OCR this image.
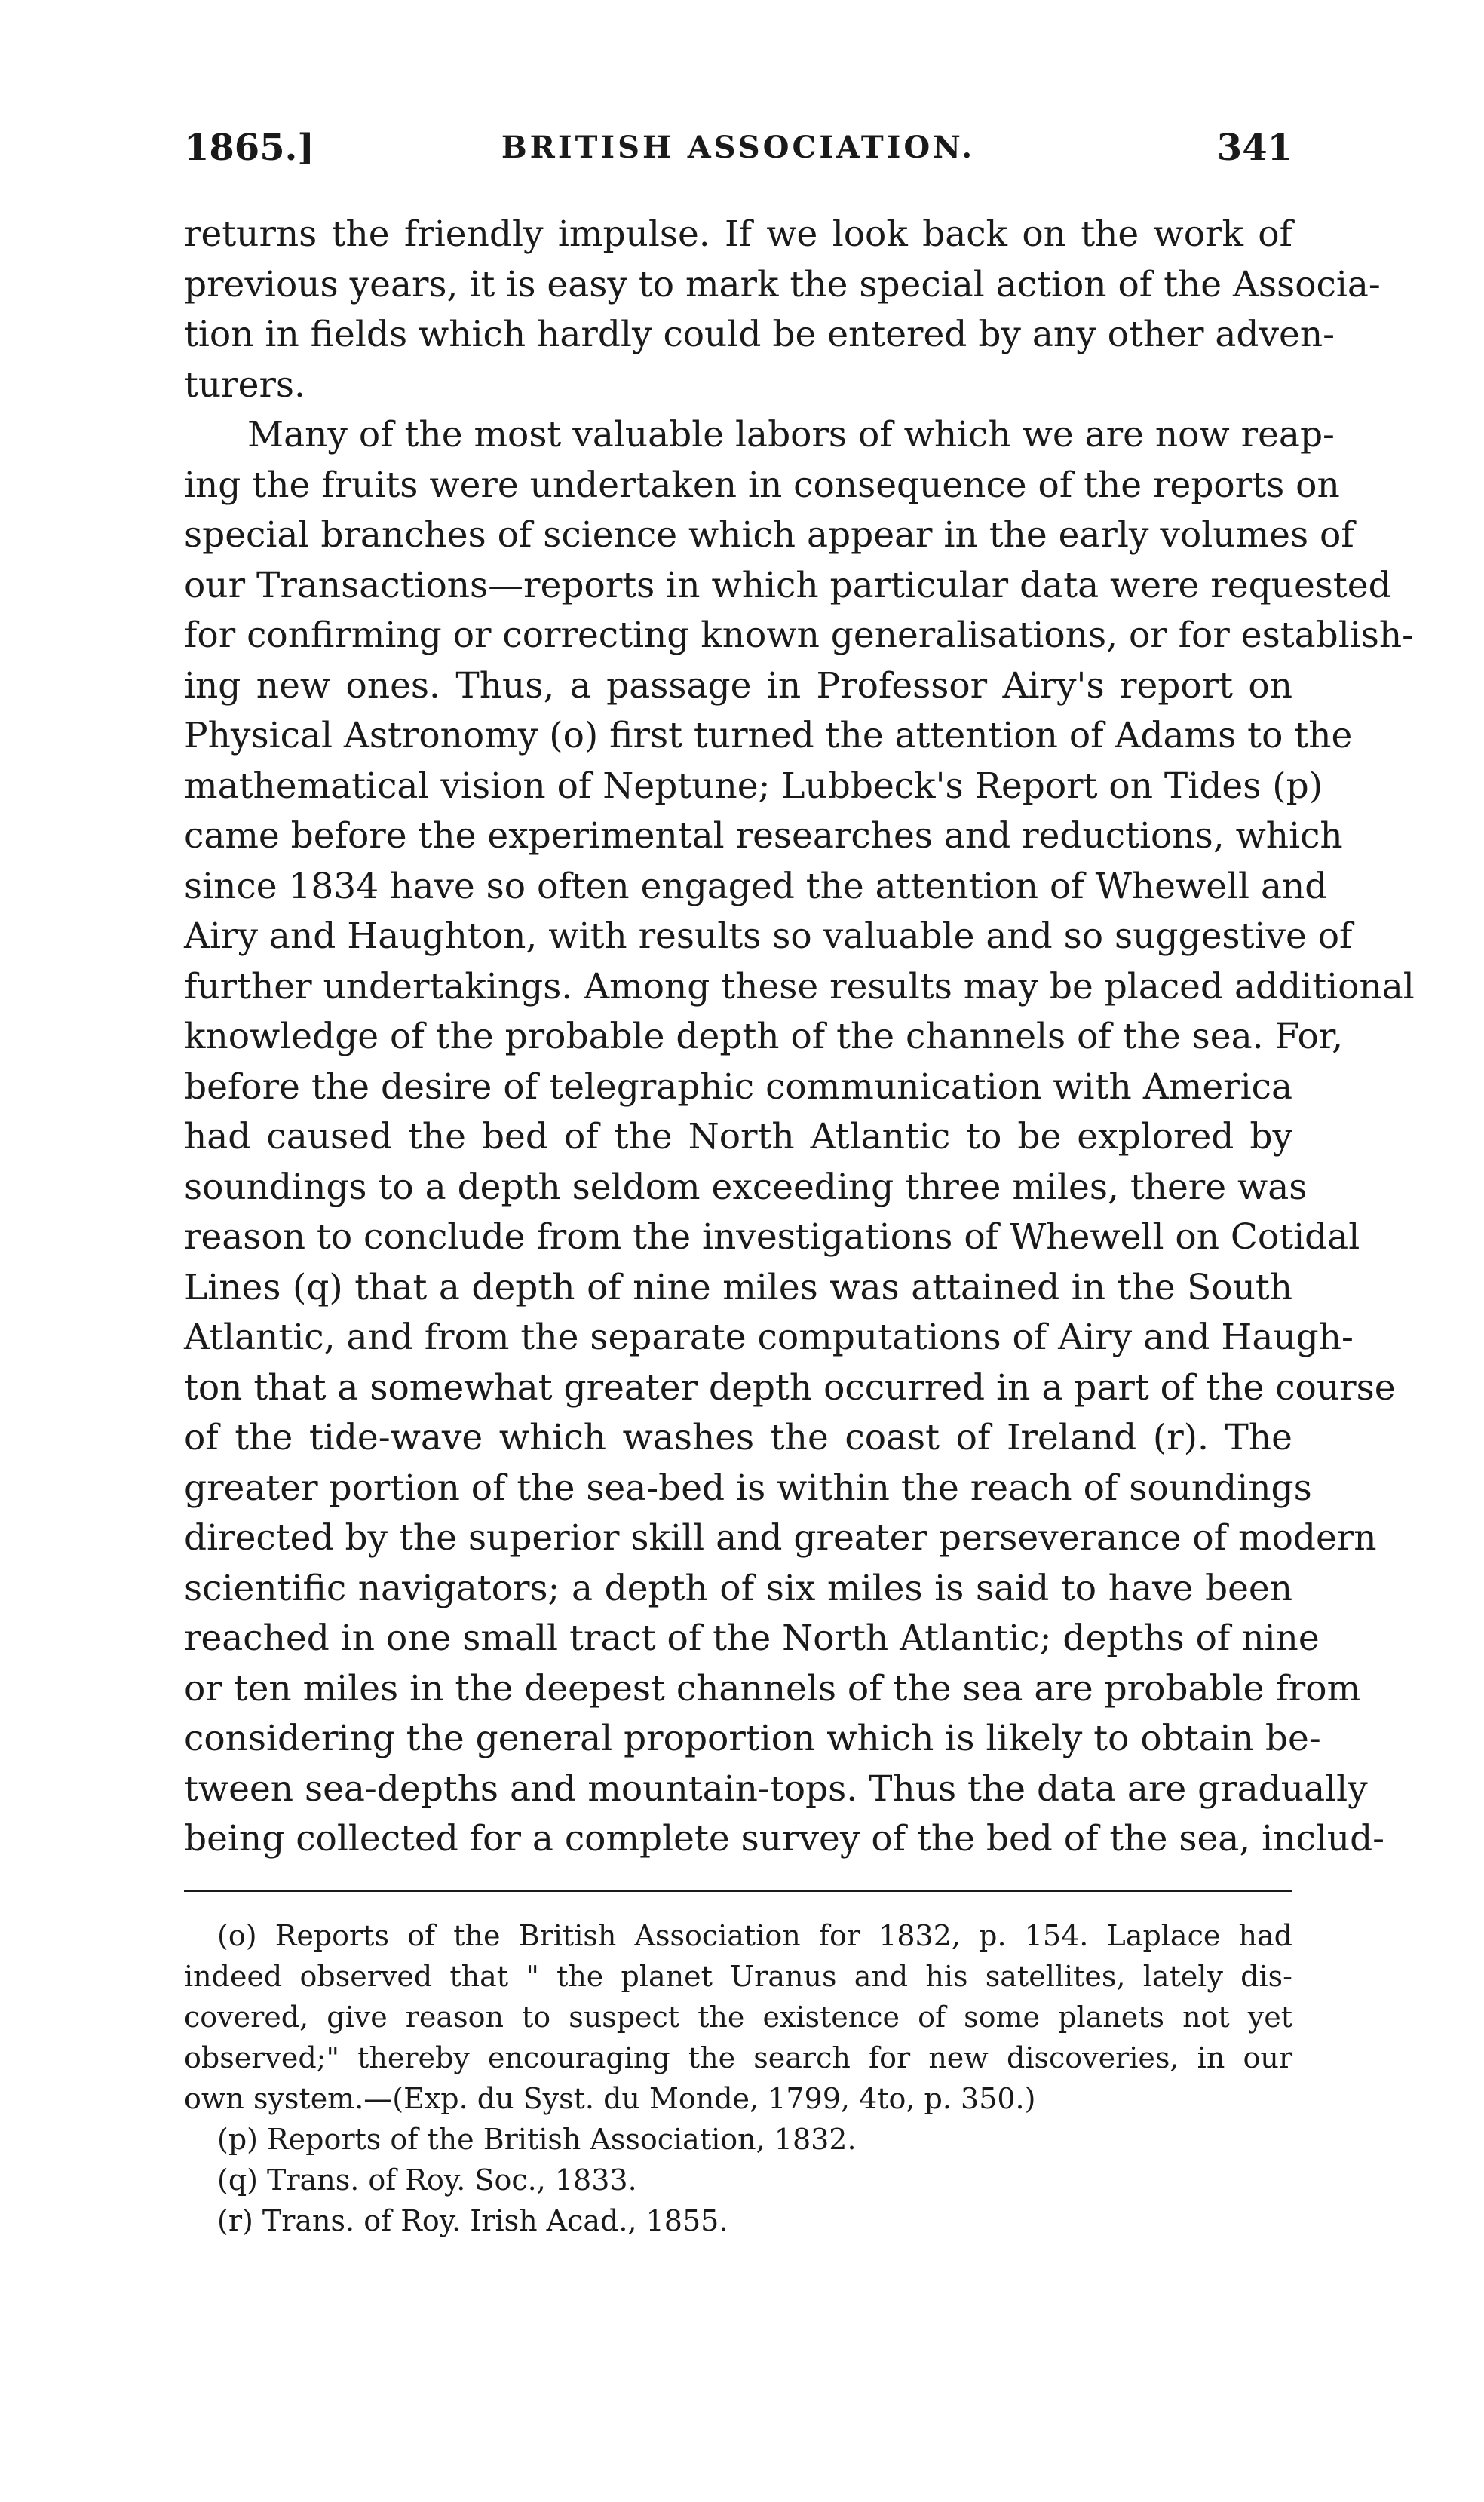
1865.]	BRITISH ASSOCIATION.	341
returns the friendly impulse. If we look back on the work of
previous years, it is easy to mark the special action of the Associa-
tion in fields which hardly could be entered by any other adven-
turers.
Many of the most valuable labors of which we are now reap-
ing the fruits were undertaken in consequence of the reports on
special branches of science which appear in the early volumes of
our Transactions—reports in which particular data were requested
for confirming or correcting known generalisations, or for establish-
ing new ones. Thus, a passage in Professor Airy's report on
Physical Astronomy (o) first turned the attention of Adams to the
mathematical vision of Neptune; Lubbeck's Report on Tides (p)
came before the experimental researches and reductions, which
since 1834 have so often engaged the attention of Whewell and
Airy and Haughton, with results so valuable and so suggestive of
further undertakings. Among these results may be placed additional
knowledge of the probable depth of the channels of the sea. For,
before the desire of telegraphic communication with America
had caused the bed of the North Atlantic to be explored by
soundings to a depth seldom exceeding three miles, there was
reason to conclude from the investigations of Whewell on Cotidal
Lines (q) that a depth of nine miles was attained in the South
Atlantic, and from the separate computations of Airy and Haugh-
ton that a somewhat greater depth occurred in a part of the course
of the tide-wave which washes the coast of Ireland (r). The
greater portion of the sea-bed is within the reach of soundings
directed by the superior skill and greater perseverance of modern
scientific navigators; a depth of six miles is said to have been
reached in one small tract of the North Atlantic; depths of nine
or ten miles in the deepest channels of the sea are probable from
considering the general proportion which is likely to obtain be-
tween sea-depths and mountain-tops. Thus the data are gradually
being collected for a complete survey of the bed of the sea, includ-
(o) Reports of the British Association for 1832, p. 154. Laplace had
indeed observed that " the planet Uranus and his satellites, lately dis-
covered, give reason to suspect the existence of some planets not yet
observed;" thereby encouraging the search for new discoveries, in our
own system.—(Exp. du Syst. du Monde, 1799, 4to, p. 350.)
(p) Reports of the British Association, 1832.
(q) Trans. of Roy. Soc., 1833.
(r) Trans. of Roy. Irish Acad., 1855.
